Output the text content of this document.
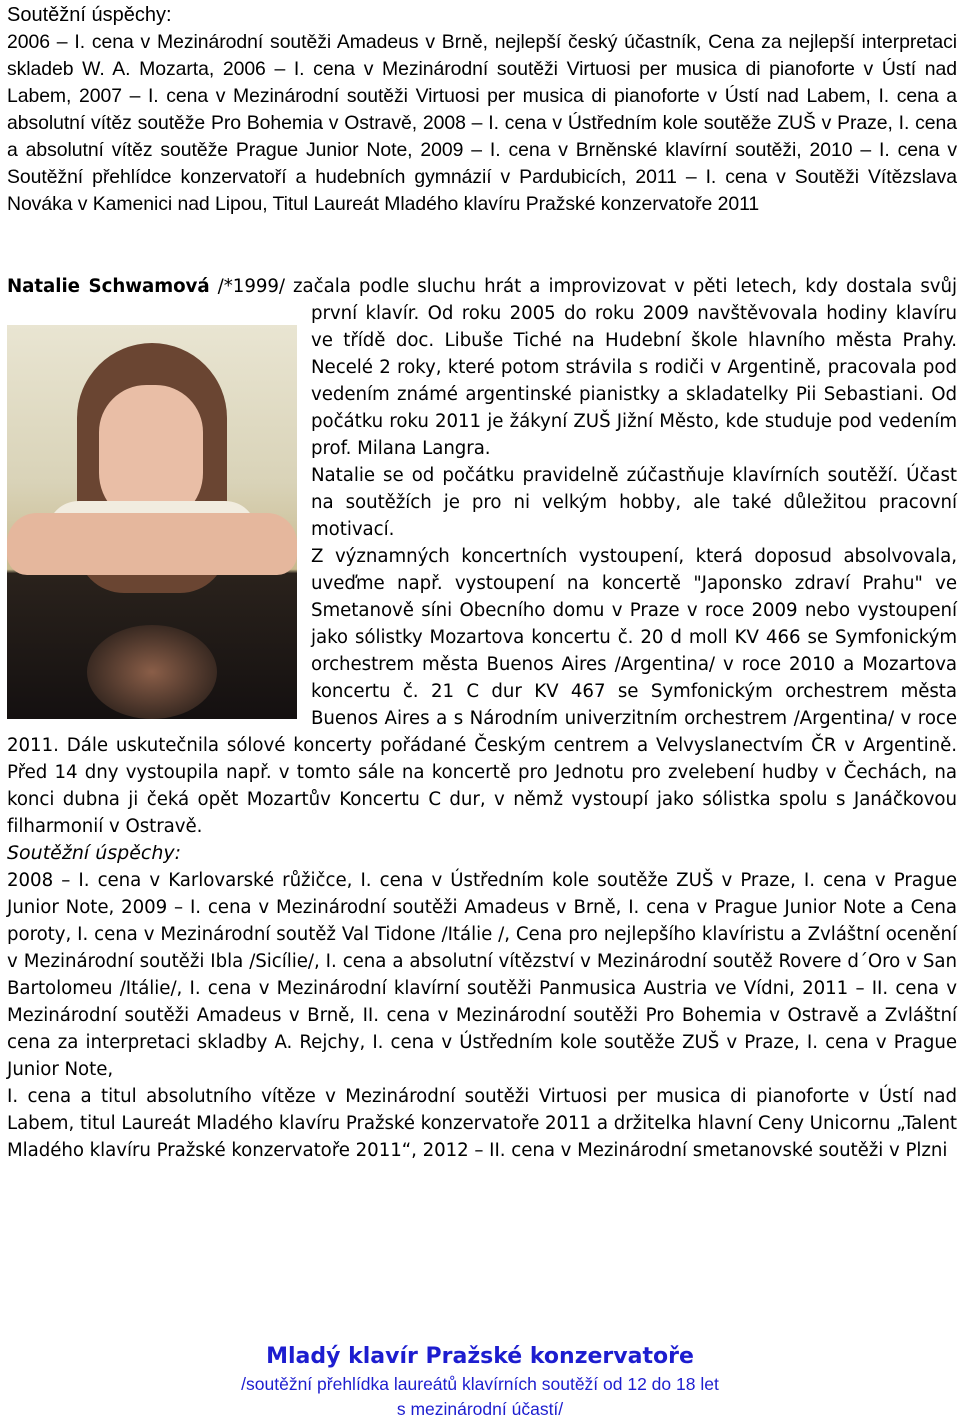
Soutěžní úspěchy:

2006 – I. cena v Mezinárodní soutěži Amadeus v Brně, nejlepší český účastník, Cena za nejlepší interpretaci skladeb W. A. Mozarta, 2006 – I. cena v Mezinárodní soutěži Virtuosi per musica di pianoforte v Ústí nad Labem, 2007 – I. cena v Mezinárodní soutěži Virtuosi per musica di pianoforte v Ústí nad Labem, I. cena a absolutní vítěz soutěže Pro Bohemia v Ostravě, 2008 – I. cena v Ústředním kole soutěže ZUŠ v Praze, I. cena a absolutní vítěz soutěže Prague Junior Note, 2009 – I. cena v Brněnské klavírní soutěži, 2010 – I. cena v Soutěžní přehlídce konzervatoří a hudebních gymnázií v Pardubicích, 2011 – I. cena v Soutěži Vítězslava Nováka v Kamenici nad Lipou, Titul Laureát Mladého klavíru Pražské konzervatoře 2011

Natalie Schwamová /*1999/ začala podle sluchu hrát a improvizovat v pěti letech, kdy dostala svůj první klavír. Od roku 2005 do roku 2009 navštěvovala hodiny klavíru ve třídě doc. Libuše Tiché na Hudební škole hlavního města Prahy. Necelé 2 roky, které potom strávila s rodiči v Argentině, pracovala pod vedením známé argentinské pianistky a skladatelky Pii Sebastiani. Od počátku roku 2011 je žákyní ZUŠ Jižní Město, kde studuje pod vedením prof. Milana Langra.

Natalie se od počátku pravidelně zúčastňuje klavírních soutěží. Účast na soutěžích je pro ni velkým hobby, ale také důležitou pracovní motivací.

Z významných koncertních vystoupení, která doposud absolvovala, uveďme např. vystoupení na koncertě "Japonsko zdraví Prahu" ve Smetanově síni Obecního domu v Praze v roce 2009 nebo vystoupení jako sólistky Mozartova koncertu č. 20 d moll KV 466 se Symfonickým orchestrem města Buenos Aires /Argentina/ v roce 2010 a Mozartova koncertu č. 21 C dur KV 467 se Symfonickým orchestrem města Buenos Aires a s Národním univerzitním orchestrem /Argentina/ v roce 2011. Dále uskutečnila sólové koncerty pořádané Českým centrem a Velvyslanectvím ČR v Argentině. Před 14 dny vystoupila např. v tomto sále na koncertě pro Jednotu pro zvelebení hudby v Čechách, na konci dubna ji čeká opět Mozartův Koncertu C dur, v němž vystoupí jako sólistka spolu s Janáčkovou filharmonií v Ostravě.

Soutěžní úspěchy:

2008 – I. cena v Karlovarské růžičce, I. cena v Ústředním kole soutěže ZUŠ v Praze, I. cena v Prague Junior Note, 2009 – I. cena v Mezinárodní soutěži Amadeus v Brně, I. cena v Prague Junior Note a Cena poroty, I. cena v Mezinárodní soutěž Val Tidone /Itálie /, Cena pro nejlepšího klavíristu a Zvláštní ocenění v Mezinárodní soutěži Ibla /Sicílie/, I. cena a absolutní vítězství v Mezinárodní soutěž Rovere d´Oro v San Bartolomeu /Itálie/, I. cena v Mezinárodní klavírní soutěži Panmusica Austria ve Vídni, 2011 – II. cena v Mezinárodní soutěži Amadeus v Brně, II. cena v Mezinárodní soutěži Pro Bohemia v Ostravě a Zvláštní cena za interpretaci skladby A. Rejchy, I. cena v Ústředním kole soutěže ZUŠ v Praze, I. cena v Prague Junior Note,

I. cena a titul absolutního vítěze v Mezinárodní soutěži Virtuosi per musica di pianoforte v Ústí nad Labem, titul Laureát Mladého klavíru Pražské konzervatoře 2011 a držitelka hlavní Ceny Unicornu „Talent Mladého klavíru Pražské konzervatoře 2011“, 2012 – II. cena v Mezinárodní smetanovské soutěži v Plzni

Mladý klavír Pražské konzervatoře
/soutěžní přehlídka laureátů klavírních soutěží od 12 do 18 let
s mezinárodní účastí/
